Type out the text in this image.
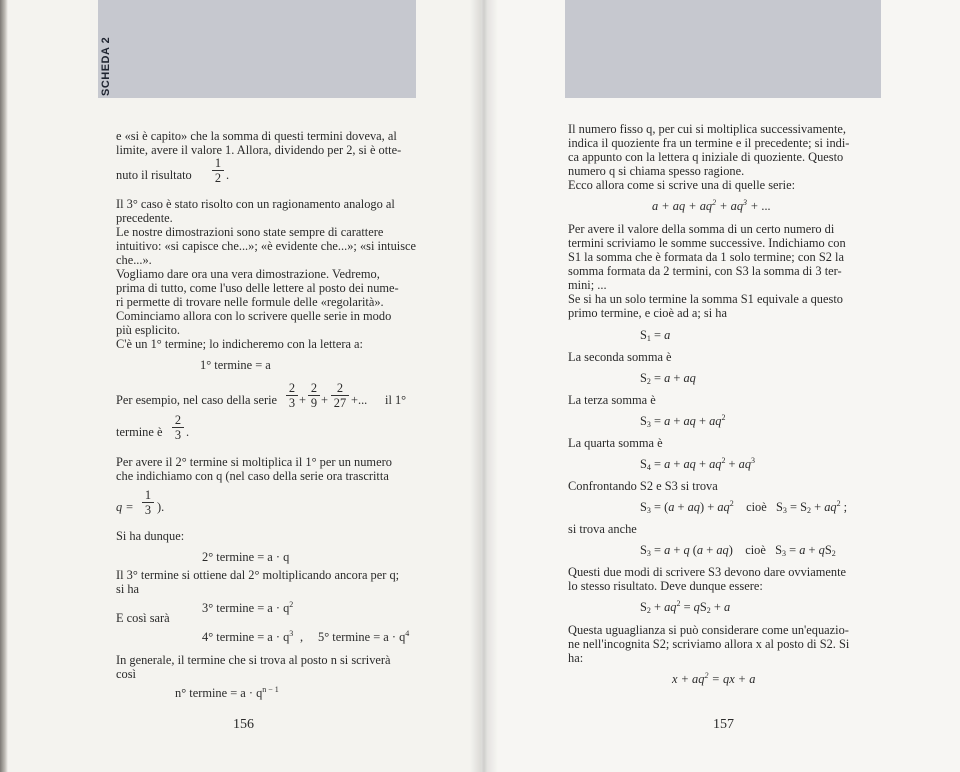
SCHEDA 2
e «si è capito» che la somma di questi termini doveva, al
limite, avere il valore 1. Allora, dividendo per 2, si è otte-
nuto il risultato
1
2 .
Il 3° caso è stato risolto con un ragionamento analogo al
precedente.
Le nostre dimostrazioni sono state sempre di carattere
intuitivo: «si capisce che...»; «è evidente che...»; «si intuisce
che...».
Vogliamo dare ora una vera dimostrazione. Vedremo,
prima di tutto, come l'uso delle lettere al posto dei nume-
ri permette di trovare nelle formule delle «regolarità».
Cominciamo allora con lo scrivere quelle serie in modo
più esplicito.
C'è un 1° termine; lo indicheremo con la lettera a:
1° termine = a
Per esempio, nel caso della serie
2
3 +
2
9 +
2
27 +... il 1°
termine è
2
3 .
Per avere il 2° termine si moltiplica il 1° per un numero
che indichiamo con q (nel caso della serie ora trascritta
q =
1
3 ).
Si ha dunque:
2° termine = a · q
Il 3° termine si ottiene dal 2° moltiplicando ancora per q;
si ha
3° $termine = a \cdot q^2$
E così sarà
4° $termine = a \cdot q^3$ , 5° $termine = a \cdot q^4$
In generale, il termine che si trova al posto n si scriverà
così
n° $termine = a \cdot q^{n - 1}$
156
Il numero fisso q, per cui si moltiplica successivamente,
indica il quoziente fra un termine e il precedente; si indi-
ca appunto con la lettera q iniziale di quoziente. Questo
numero q si chiama spesso ragione.
Ecco allora come si scrive una di quelle serie:
a + aq + $aq^2 + aq^3$ + ...
Per avere il valore della somma di un certo numero di
termini scriviamo le somme successive. Indichiamo con
S1 la somma che è formata da 1 solo termine; con S2 la
somma formata da 2 termini, con S3 la somma di 3 ter-
mini; ...
Se si ha un solo termine la somma S1 equivale a questo
primo termine, e cioè ad a; si ha
$S_1 = a$
La seconda somma è
$S_2 = a$ + aq
La terza somma è
$S_3 = a$ + aq + $aq^2$
La quarta somma è
$S_4 = a$ + aq + $aq^2 + aq^3$
Confrontando S2 e S3 si trova
$S_3 = (a + aq) + aq^2$    cioè   $S_3 = S_2 + aq^2$ ;
si trova anche
$S_3 = a + q$ (a + aq)    cioè   $S_3 = a + qS_2$
Questi due modi di scrivere S3 devono dare ovviamente
lo stesso risultato. Deve dunque essere:
$S_2 + aq^2 = qS_2 + a$
Questa uguaglianza si può considerare come un'equazio-
ne nell'incognita S2; scriviamo allora x al posto di S2. Si
ha:
$x + aq^2$ = qx + a
157
